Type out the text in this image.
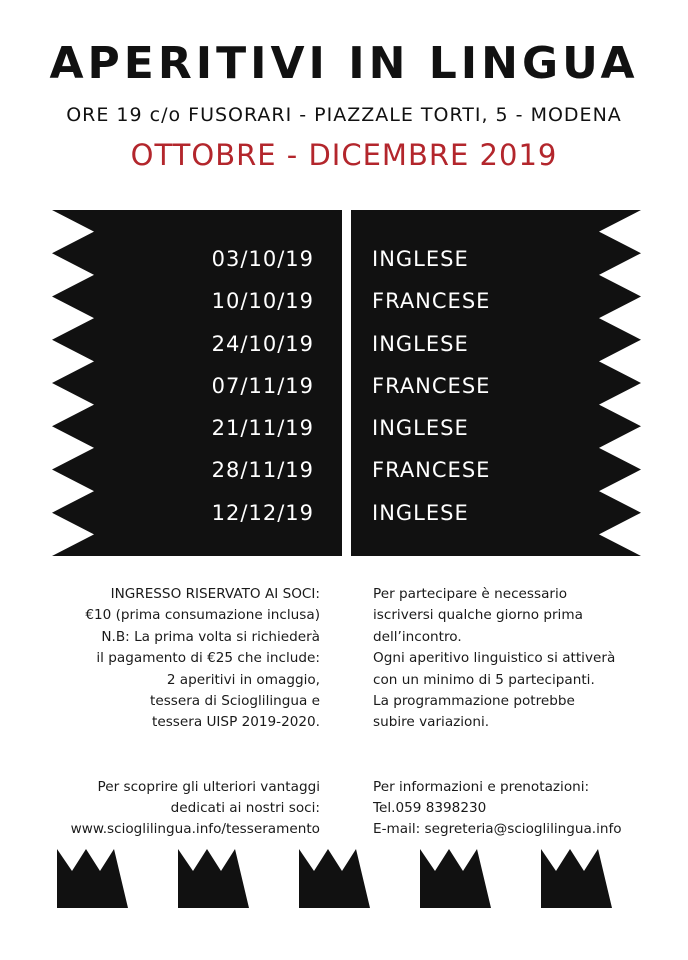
APERITIVI IN LINGUA
ORE 19 c/o FUSORARI - PIAZZALE TORTI, 5 - MODENA
OTTOBRE - DICEMBRE 2019
03/10/19
10/10/19
24/10/19
07/11/19
21/11/19
28/11/19
12/12/19
INGLESE
FRANCESE
INGLESE
FRANCESE
INGLESE
FRANCESE
INGLESE
INGRESSO RISERVATO AI SOCI:
€10 (prima consumazione inclusa)
N.B: La prima volta si richiederà
il pagamento di €25 che include:
2 aperitivi in omaggio,
tessera di Scioglilingua e
tessera UISP 2019-2020.
Per scoprire gli ulteriori vantaggi
dedicati ai nostri soci:
www.scioglilingua.info/tesseramento
Per partecipare è necessario
iscriversi qualche giorno prima
dell’incontro.
Ogni aperitivo linguistico si attiverà
con un minimo di 5 partecipanti.
La programmazione potrebbe
subire variazioni.
Per informazioni e prenotazioni:
Tel.059 8398230
E-mail: segreteria@scioglilingua.info
